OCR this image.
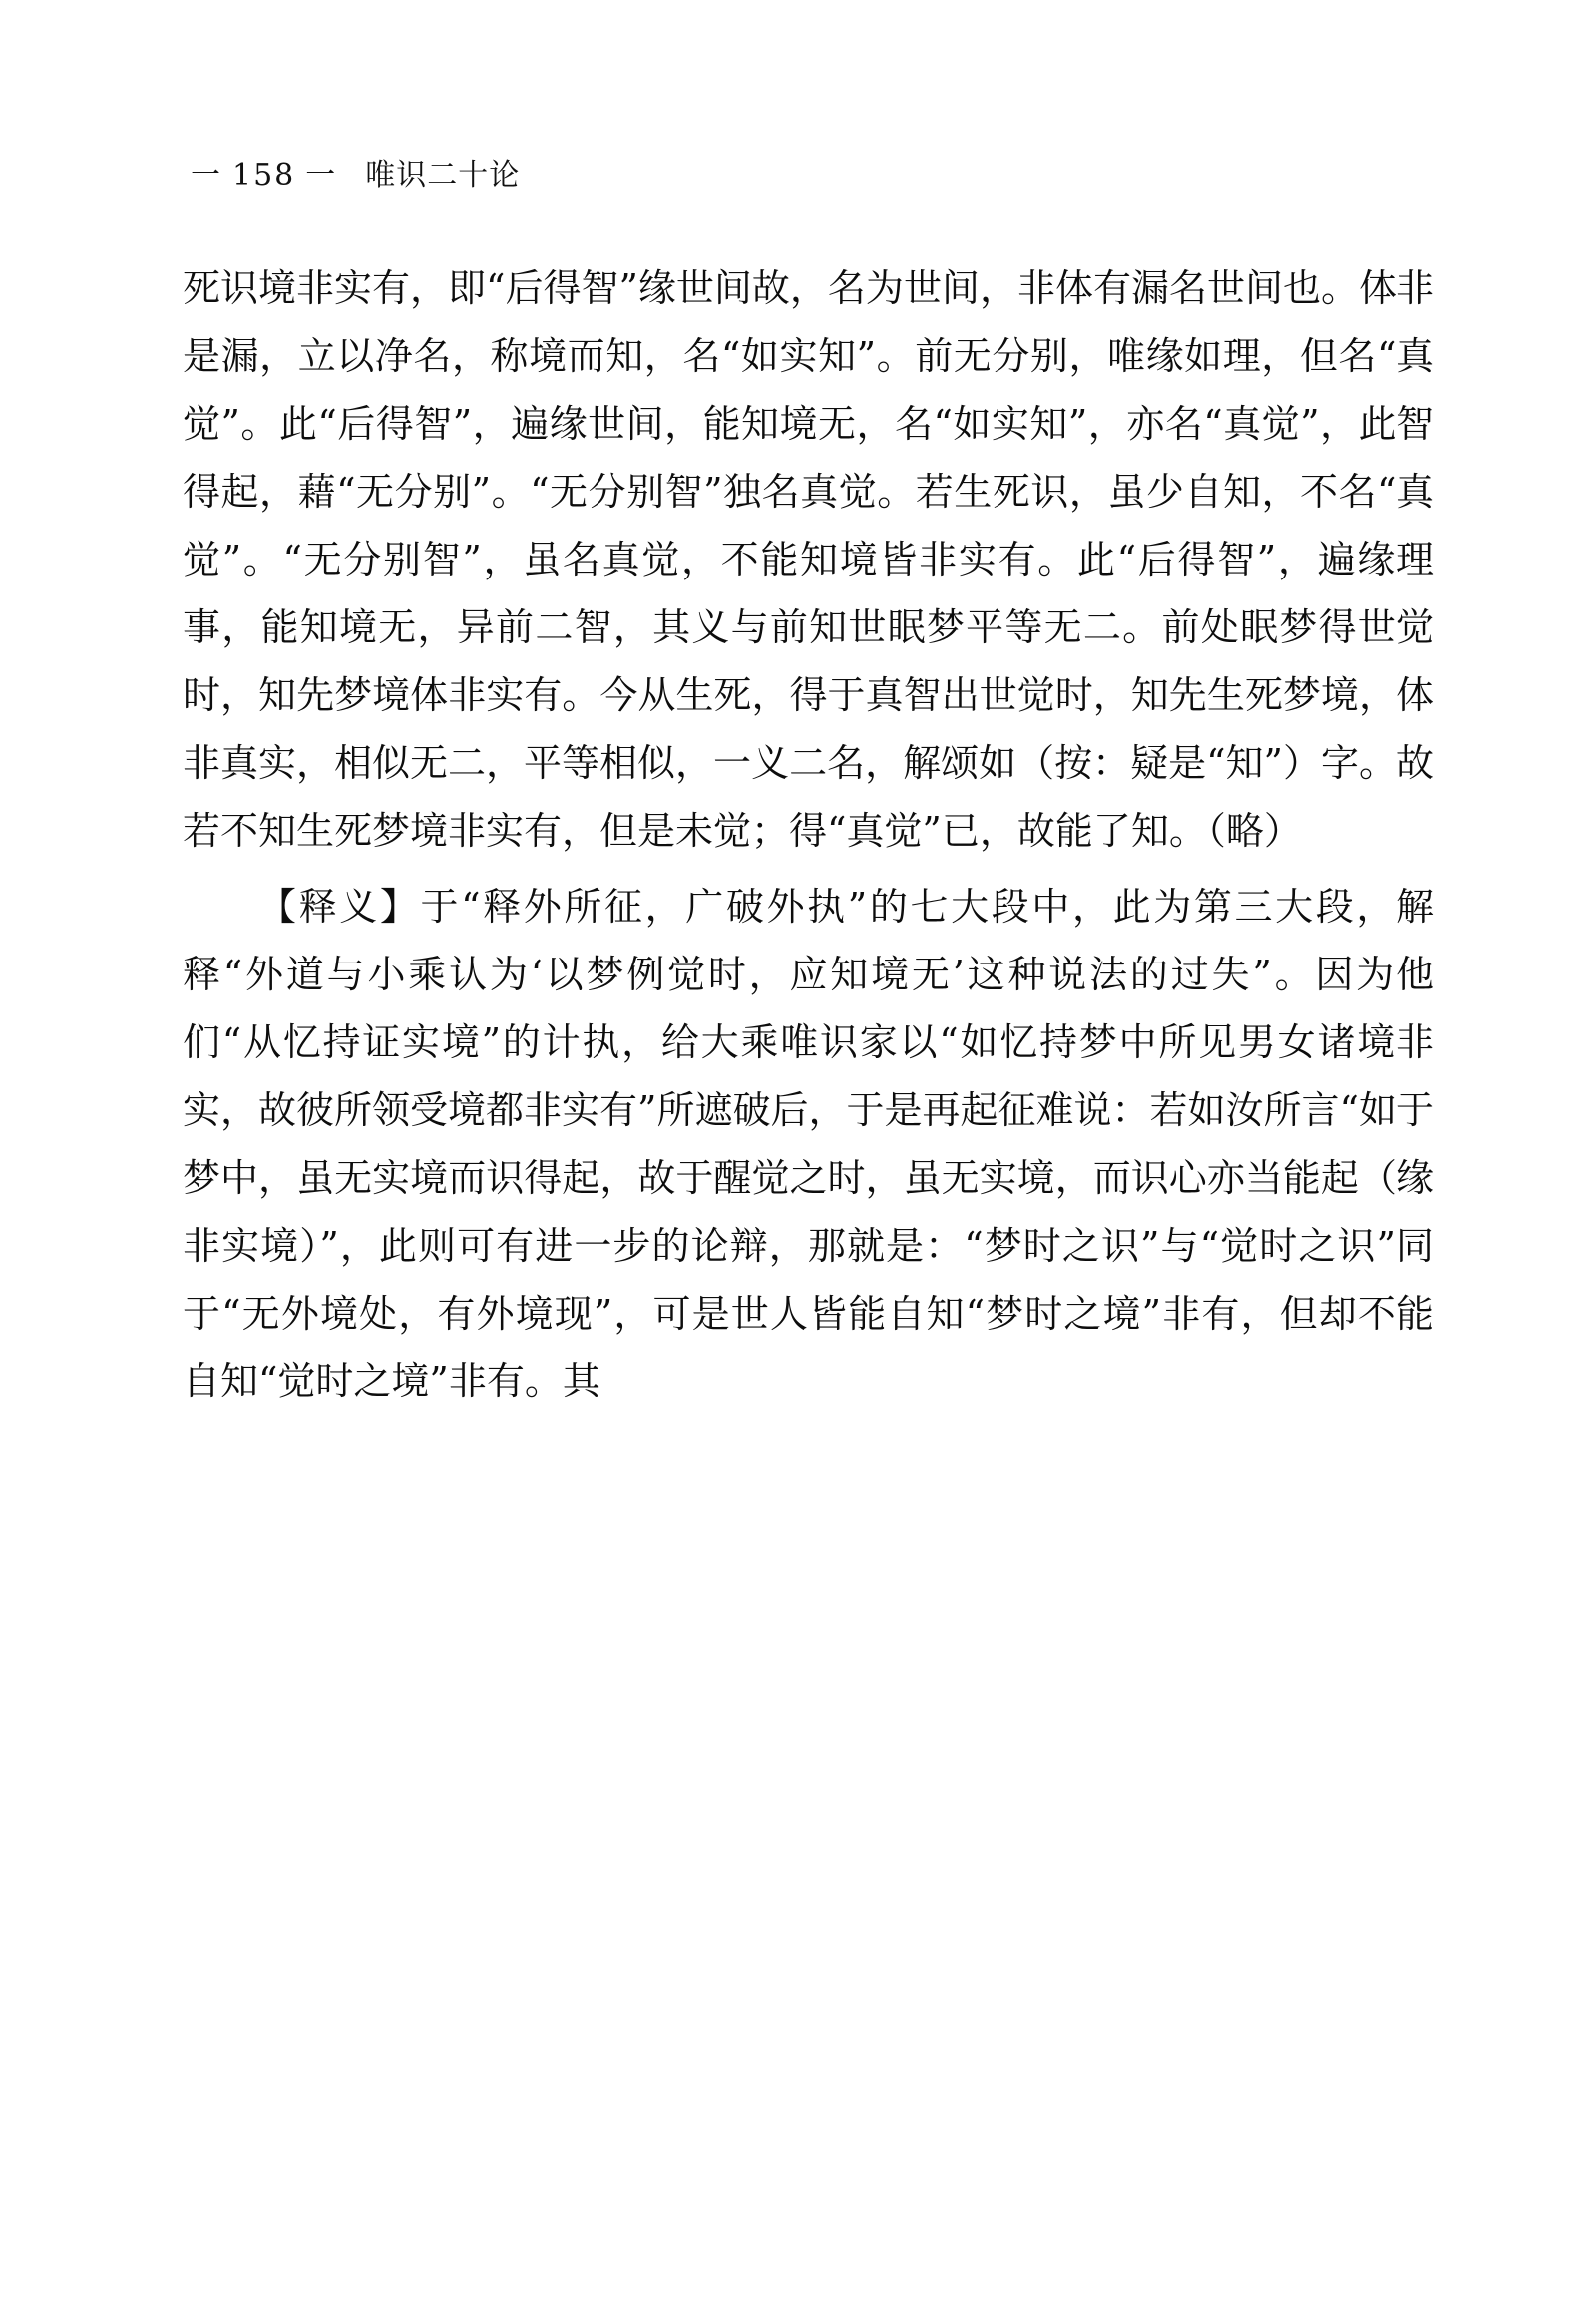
一 158 一 唯识二十论

死识境非实有，即“后得智”缘世间故，名为世间，非体有漏名世间也。体非是漏，立以净名，称境而知，名“如实知”。前无分别，唯缘如理，但名“真觉”。此“后得智”，遍缘世间，能知境无，名“如实知”，亦名“真觉”，此智得起，藉“无分别”。“无分别智”独名真觉。若生死识，虽少自知，不名“真觉”。“无分别智”，虽名真觉，不能知境皆非实有。此“后得智”，遍缘理事，能知境无，异前二智，其义与前知世眠梦平等无二。前处眠梦得世觉时，知先梦境体非实有。今从生死，得于真智出世觉时，知先生死梦境，体非真实，相似无二，平等相似，一义二名，解颂如（按：疑是“知”）字。故若不知生死梦境非实有，但是未觉；得“真觉”已，故能了知。（略）

【释义】于“释外所征，广破外执”的七大段中，此为第三大段，解释“外道与小乘认为‘以梦例觉时，应知境无’这种说法的过失”。因为他们“从忆持证实境”的计执，给大乘唯识家以“如忆持梦中所见男女诸境非实，故彼所领受境都非实有”所遮破后，于是再起征难说：若如汝所言“如于梦中，虽无实境而识得起，故于醒觉之时，虽无实境，而识心亦当能起（缘非实境）”，此则可有进一步的论辩，那就是：“梦时之识”与“觉时之识”同于“无外境处，有外境现”，可是世人皆能自知“梦时之境”非有，但却不能自知“觉时之境”非有。其
